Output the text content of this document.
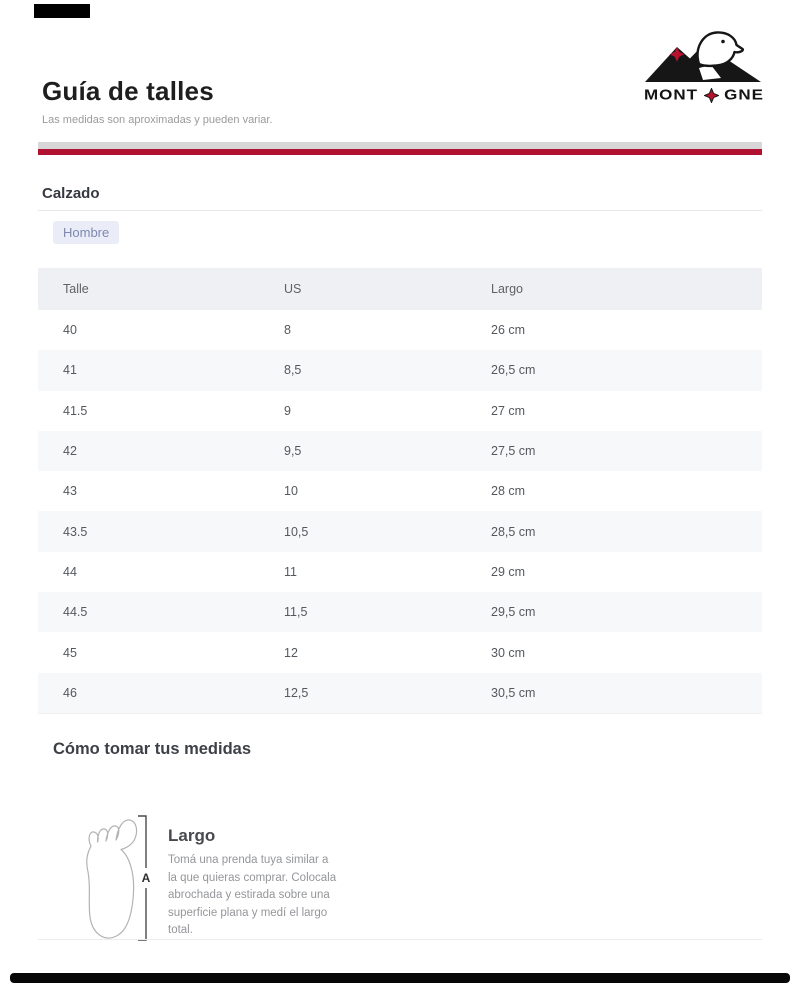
MONT GNE
Guía de talles
Las medidas son aproximadas y pueden variar.
Calzado
Hombre
Talle	US	Largo
40	8	26 cm
41	8,5	26,5 cm
41.5	9	27 cm
42	9,5	27,5 cm
43	10	28 cm
43.5	10,5	28,5 cm
44	11	29 cm
44.5	11,5	29,5 cm
45	12	30 cm
46	12,5	30,5 cm
Cómo tomar tus medidas
A
Largo
Tomá una prenda tuya similar a la que quieras comprar. Colocala abrochada y estirada sobre una superficie plana y medí el largo total.
